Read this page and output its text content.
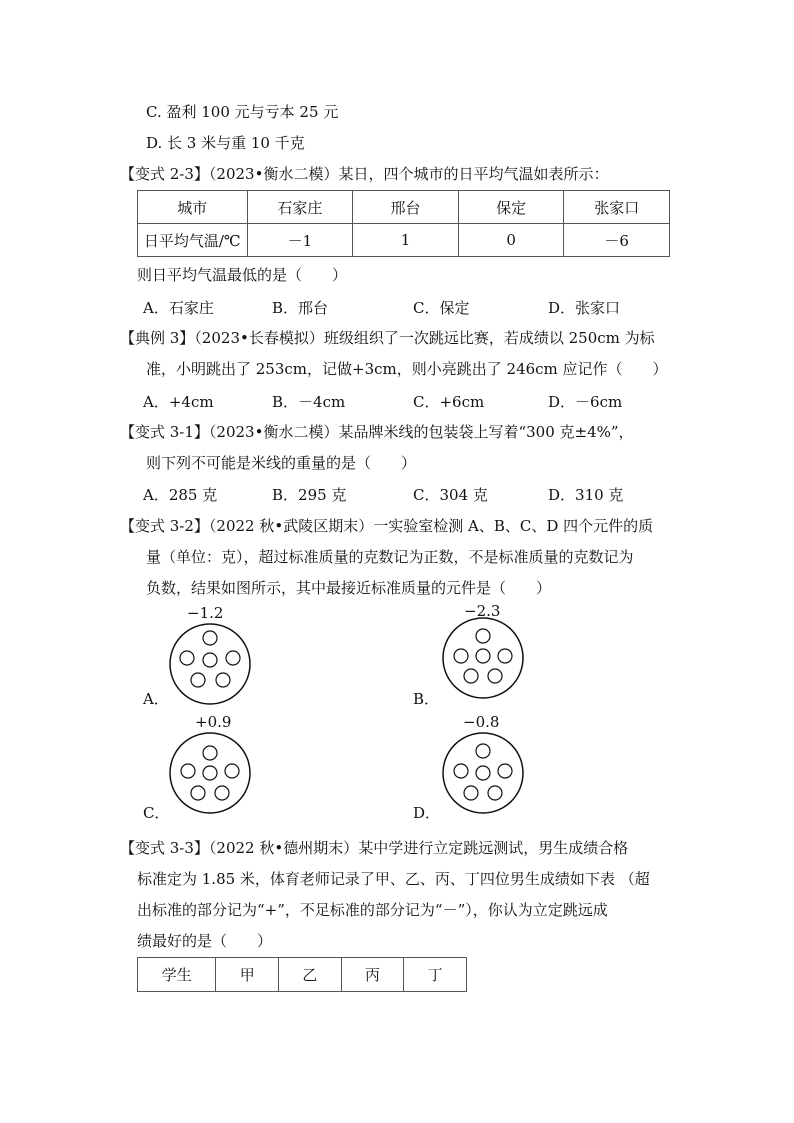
C. 盈利 100 元与亏本 25 元
D. 长 3 米与重 10 千克
【变式 2-3】（2023•衡水二模）某日，四个城市的日平均气温如表所示：
城市	石家庄	邢台	保定	张家口
日平均气温/℃	－1	1	0	－6
则日平均气温最低的是（　　）
A．石家庄	B．邢台	C．保定	D．张家口
【典例 3】（2023•长春模拟）班级组织了一次跳远比赛，若成绩以 250cm 为标
准，小明跳出了 253cm，记做+3cm，则小亮跳出了 246cm 应记作（　　）
A．+4cm	B．－4cm	C．+6cm	D．－6cm
【变式 3-1】（2023•衡水二模）某品牌米线的包装袋上写着“300 克±4%”，
则下列不可能是米线的重量的是（　　）
A．285 克	B．295 克	C．304 克	D．310 克
【变式 3-2】（2022 秋•武陵区期末）一实验室检测 A、B、C、D 四个元件的质
量（单位：克），超过标准质量的克数记为正数，不是标准质量的克数记为
负数，结果如图所示，其中最接近标准质量的元件是（　　）
−1.2
A．
−2.3
B．
+0.9
C．
−0.8
D．
【变式 3-3】（2022 秋•德州期末）某中学进行立定跳远测试，男生成绩合格
标准定为 1.85 米，体育老师记录了甲、乙、丙、丁四位男生成绩如下表 （超
出标准的部分记为“+”，不足标准的部分记为“－”），你认为立定跳远成
绩最好的是（　　）
学生	甲	乙	丙	丁
